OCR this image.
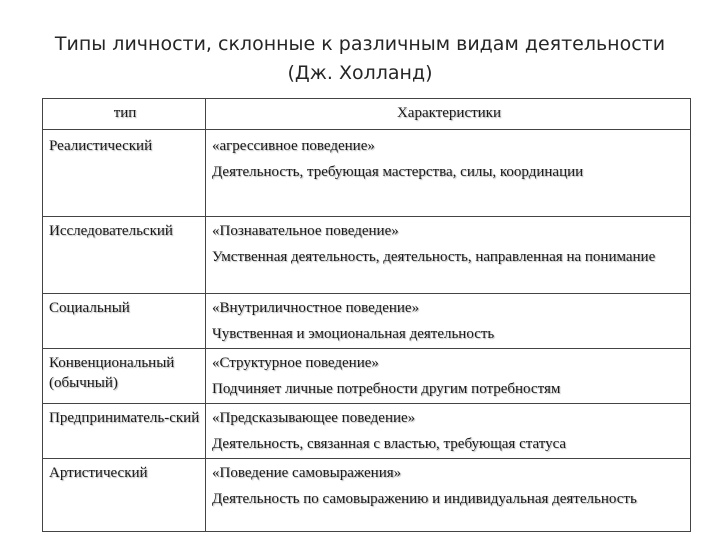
Типы личности, склонные к различным видам деятельности (Дж. Холланд)
тип	Характеристики
Реалистический	«агрессивное поведение»
Деятельность, требующая мастерства, силы, координации

Исследовательский	«Познавательное поведение»
Умственная деятельность, деятельность, направленная на понимание

Социальный	«Внутриличностное поведение»
Чувственная и эмоциональная деятельность

Конвенциональный (обычный)	«Структурное поведение»
Подчиняет личные потребности другим потребностям

Предприниматель-ский	«Предсказывающее поведение»
Деятельность, связанная с властью, требующая статуса

Артистический	«Поведение самовыражения»
Деятельность по самовыражению и индивидуальная деятельность
